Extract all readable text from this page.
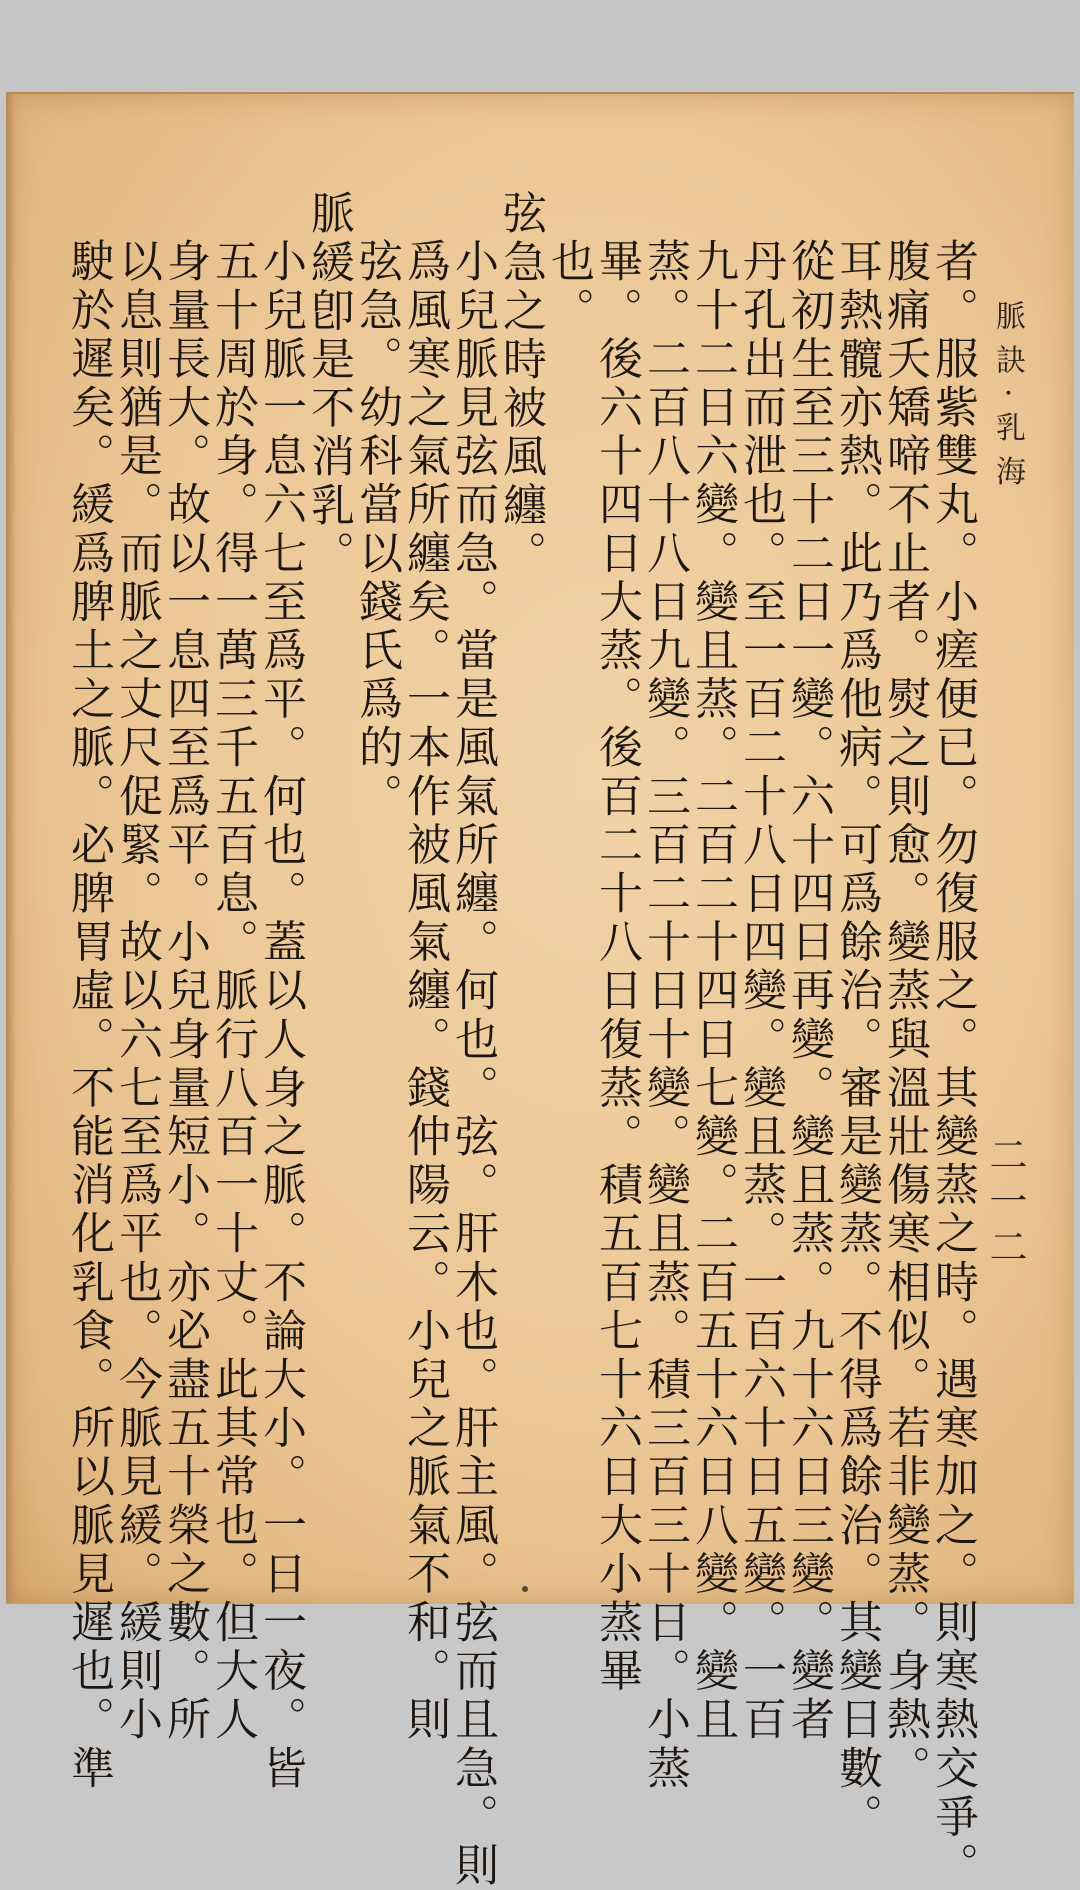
脈訣·乳海
二一二
者。服紫雙丸。小瘥便已。勿復服之。其變蒸之時。遇寒加之。則寒熱交爭。
腹痛夭矯啼不止者。熨之則愈。變蒸與溫壯傷寒相似。若非變蒸。身熱。
耳熱髖亦熱。此乃爲他病。可爲餘治。審是變蒸。不得爲餘治。其變日數。
從初生至三十二日一變。六十四日再變。變且蒸。九十六日三變。變者
丹孔出而泄也。至一百二十八日四變。變且蒸。一百六十日五變。一百
九十二日六變。變且蒸。二百二十四日七變。二百五十六日八變。變且
蒸。二百八十八日九變。三百二十日十變。變且蒸。積三百三十日。小蒸
畢。後六十四日大蒸。後百二十八日復蒸。積五百七十六日大小蒸畢
也。
弦急之時被風纏。
小兒脈見弦而急。當是風氣所纏。何也。弦。肝木也。肝主風。弦而且急。則
爲風寒之氣所纏矣。一本作被風氣纏。錢仲陽云。小兒之脈氣不和。則
弦急。幼科當以錢氏爲的。
脈緩卽是不消乳。
小兒脈一息六七至爲平。何也。蓋以人身之脈。不論大小。一日一夜。皆
五十周於身。得一萬三千五百息。脈行八百一十丈。此其常也。但大人
身量長大。故以一息四至爲平。小兒身量短小。亦必盡五十榮之數。所
以息則猶是。而脈之丈尺促緊。故以六七至爲平也。今脈見緩。緩則小
駛於遲矣。緩爲脾土之脈。必脾胃虛。不能消化乳食。所以脈見遲也。準
